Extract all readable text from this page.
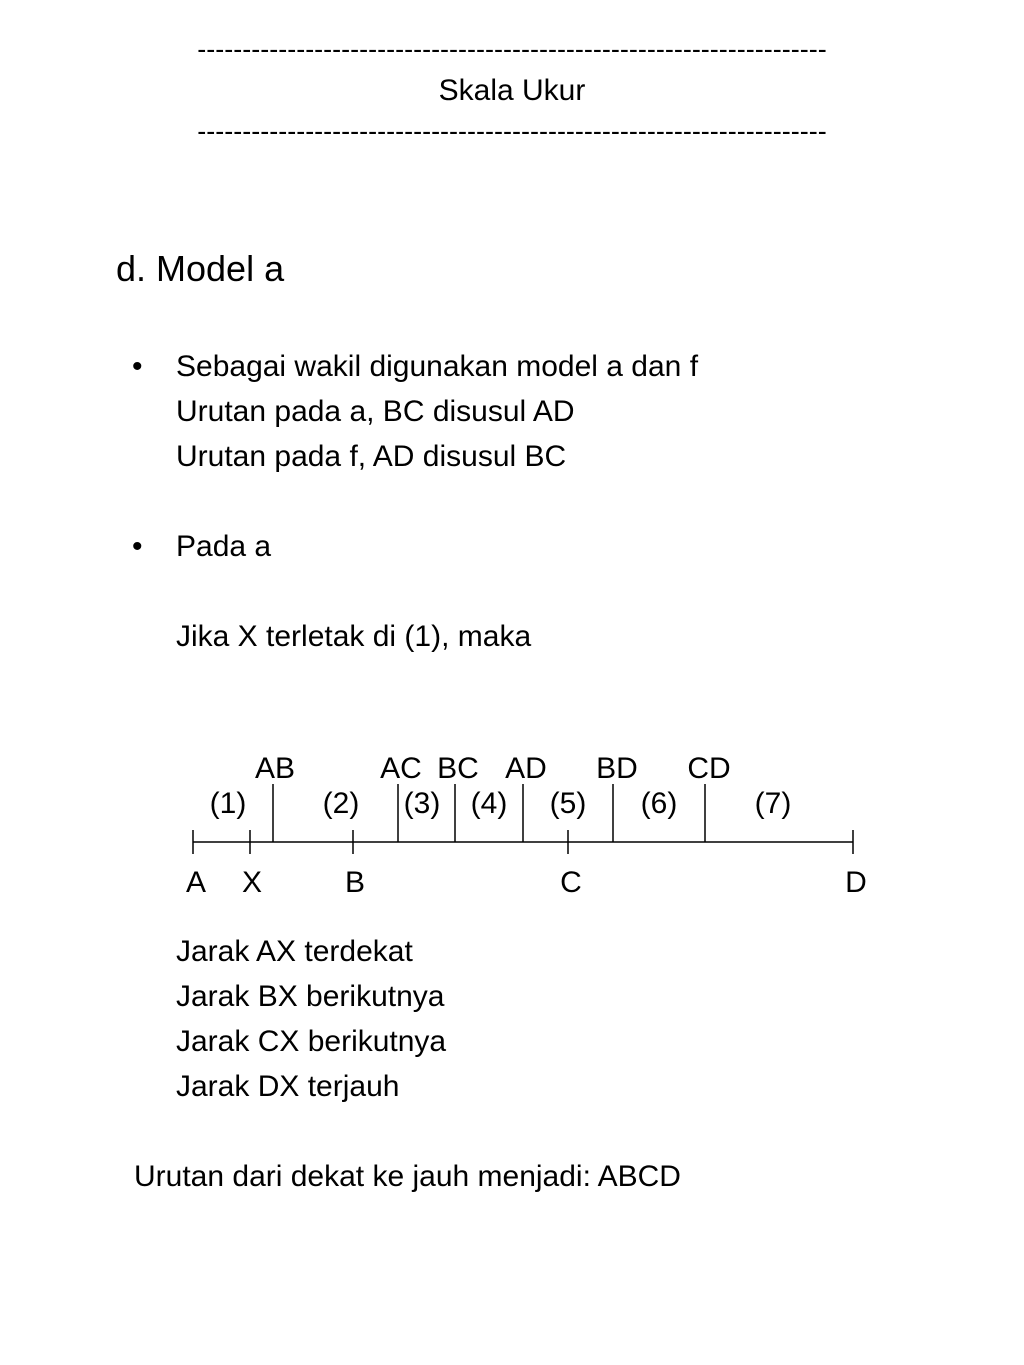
----------------------------------------------------------------------
Skala Ukur
----------------------------------------------------------------------
d. Model a
• Sebagai wakil digunakan model a dan f
Urutan pada a, BC disusul AD
Urutan pada f, AD disusul BC
• Pada a
Jika X terletak di (1), maka
AB	AC BC AD BD CD
(1)	(2) (3) (4) (5) (6)	(7)
A X	B	C	D
Jarak AX terdekat
Jarak BX berikutnya
Jarak CX berikutnya
Jarak DX terjauh
Urutan dari dekat ke jauh menjadi: ABCD
